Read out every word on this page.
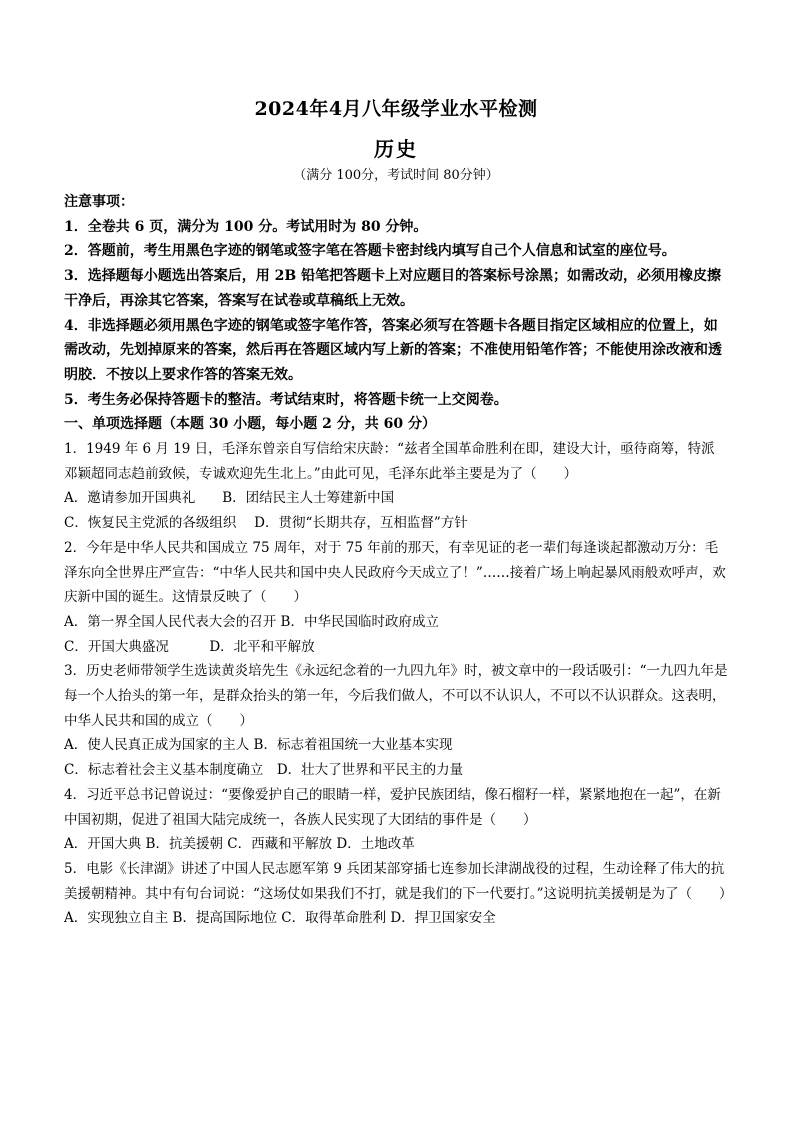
2024年4月八年级学业水平检测
历史
（满分 100分，考试时间 80分钟）
注意事项：

1．全卷共 6 页，满分为 100 分。考试用时为 80 分钟。

2．答题前，考生用黑色字迹的钢笔或签字笔在答题卡密封线内填写自己个人信息和试室的座位号。

3．选择题每小题选出答案后，用 2B 铅笔把答题卡上对应题目的答案标号涂黑；如需改动，必须用橡皮擦干净后，再涂其它答案，答案写在试卷或草稿纸上无效。

4．非选择题必须用黑色字迹的钢笔或签字笔作答，答案必须写在答题卡各题目指定区域相应的位置上，如需改动，先划掉原来的答案，然后再在答题区域内写上新的答案；不准使用铅笔作答；不能使用涂改液和透明胶．不按以上要求作答的答案无效。

5．考生务必保持答题卡的整洁。考试结束时，将答题卡统一上交阅卷。

一、单项选择题（本题 30 小题，每小题 2 分，共 60 分）

1．1949 年 6 月 19 日，毛泽东曾亲自写信给宋庆龄：“兹者全国革命胜利在即，建设大计，亟待商筹，特派邓颖超同志趋前致候，专诚欢迎先生北上。”由此可见，毛泽东此举主要是为了（　　）

A．邀请参加开国典礼　　B．团结民主人士筹建新中国

C．恢复民主党派的各级组织　 D．贯彻“长期共存，互相监督”方针

2．今年是中华人民共和国成立 75 周年，对于 75 年前的那天，有幸见证的老一辈们每逢谈起都激动万分：毛泽东向全世界庄严宣告：“中华人民共和国中央人民政府今天成立了！”……接着广场上响起暴风雨般欢呼声，欢庆新中国的诞生。这情景反映了（　　）

A．第一界全国人民代表大会的召开 B．中华民国临时政府成立

C．开国大典盛况　　　D．北平和平解放

3．历史老师带领学生选读黄炎培先生《永远纪念着的一九四九年》时，被文章中的一段话吸引：“一九四九年是每一个人抬头的第一年，是群众抬头的第一年，今后我们做人，不可以不认识人，不可以不认识群众。这表明，中华人民共和国的成立（　　）

A．使人民真正成为国家的主人 B．标志着祖国统一大业基本实现

C．标志着社会主义基本制度确立　D．壮大了世界和平民主的力量

4．习近平总书记曾说过：“要像爱护自己的眼睛一样，爱护民族团结，像石榴籽一样，紧紧地抱在一起”，在新中国初期，促进了祖国大陆完成统一，各族人民实现了大团结的事件是（　　）

A．开国大典 B．抗美援朝 C．西藏和平解放 D．土地改革

5．电影《长津湖》讲述了中国人民志愿军第 9 兵团某部穿插七连参加长津湖战役的过程，生动诠释了伟大的抗美援朝精神。其中有句台词说：“这场仗如果我们不打，就是我们的下一代要打。”这说明抗美援朝是为了（　　）

A．实现独立自主 B．提高国际地位 C．取得革命胜利 D．捍卫国家安全
